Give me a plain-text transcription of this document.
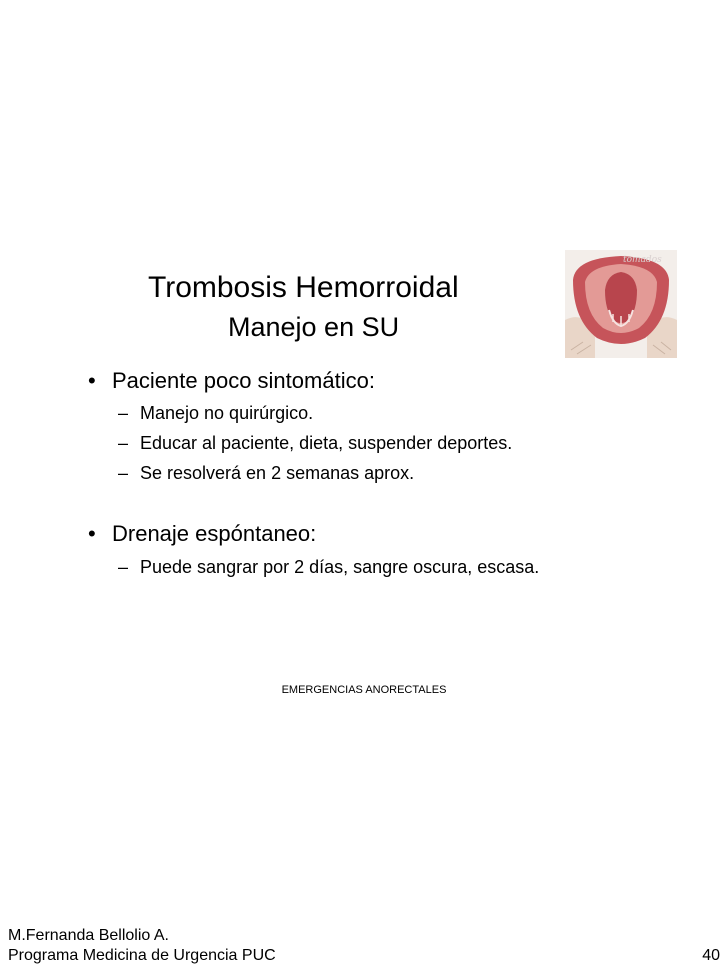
Trombosis Hemorroidal
Manejo en SU
tomados
• Paciente poco sintomático:
– Manejo no quirúrgico.
– Educar al paciente, dieta, suspender deportes.
– Se resolverá en 2 semanas aprox.
• Drenaje espóntaneo:
– Puede sangrar por 2 días, sangre oscura, escasa.
EMERGENCIAS ANORECTALES
M.Fernanda Bellolio A.
Programa Medicina de Urgencia PUC	40
